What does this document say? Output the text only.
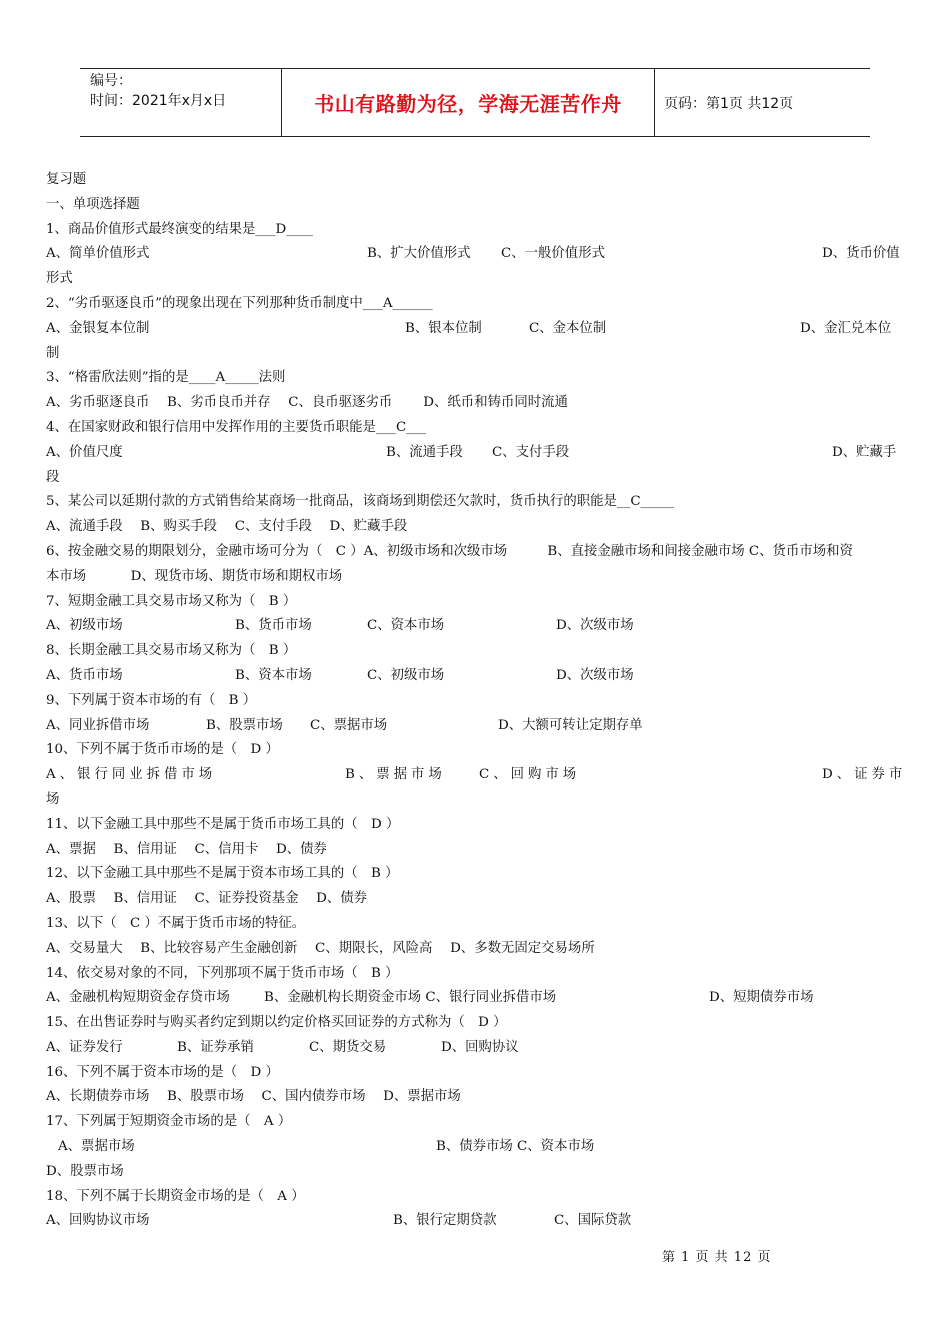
编号：
时间：2021年x月x日	书山有路勤为径，学海无涯苦作舟	页码：第1页 共12页
复习题
一、单项选择题
1、商品价值形式最终演变的结果是___D____
A、简单价值形式	B、扩大价值形式 C、一般价值形式	D、货币价值
形式
2、“劣币驱逐良币”的现象出现在下列那种货币制度中___A______
A、金银复本位制	B、银本位制	C、金本位制	D、金汇兑本位
制
3、“格雷欣法则”指的是____A_____法则
A、劣币驱逐良币　 B、劣币良币并存　 C、良币驱逐劣币　　 D、纸币和铸币同时流通
4、在国家财政和银行信用中发挥作用的主要货币职能是___C___
A、价值尺度	B、流通手段 C、支付手段	D、贮藏手
段
5、某公司以延期付款的方式销售给某商场一批商品，该商场到期偿还欠款时，货币执行的职能是__C_____
A、流通手段　 B、购买手段　 C、支付手段　 D、贮藏手段
6、按金融交易的期限划分，金融市场可分为（　C ）A、初级市场和次级市场　　　B、直接金融市场和间接金融市场 C、货币市场和资
本市场　　　 D、现货市场、期货市场和期权市场
7、短期金融工具交易市场又称为（　B ）
A、初级市场	B、货币市场	C、资本市场	D、次级市场
8、长期金融工具交易市场又称为（　B ）
A、货币市场	B、资本市场	C、初级市场	D、次级市场
9、下列属于资本市场的有（　B ）
A、同业拆借市场	B、股票市场 C、票据市场	D、大额可转让定期存单
10、下列不属于货币市场的是（　D ）
A、银行同业拆借市场	B、票据市场 C、回购市场	D、证券市
场
11、以下金融工具中那些不是属于货币市场工具的（　D ）
A、票据　 B、信用证　 C、信用卡　 D、债券
12、以下金融工具中那些不是属于资本市场工具的（　B ）
A、股票　 B、信用证　 C、证券投资基金　 D、债券
13、以下（　C ）不属于货币市场的特征。
A、交易量大　 B、比较容易产生金融创新　 C、期限长，风险高　 D、多数无固定交易场所
14、依交易对象的不同，下列那项不属于货币市场（　B ）
A、金融机构短期资金存贷市场	B、金融机构长期资金市场 C、银行同业拆借市场	D、短期债券市场
15、在出售证券时与购买者约定到期以约定价格买回证券的方式称为（　D ）
A、证券发行	B、证券承销	C、期货交易	D、回购协议
16、下列不属于资本市场的是（　D ）
A、长期债券市场　 B、股票市场　 C、国内债券市场　 D、票据市场
17、下列属于短期资金市场的是（　A ）
A、票据市场	B、债券市场 C、资本市场
D、股票市场
18、下列不属于长期资金市场的是（　A ）
A、回购协议市场	B、银行定期贷款	C、国际贷款
第 1 页 共 12 页
